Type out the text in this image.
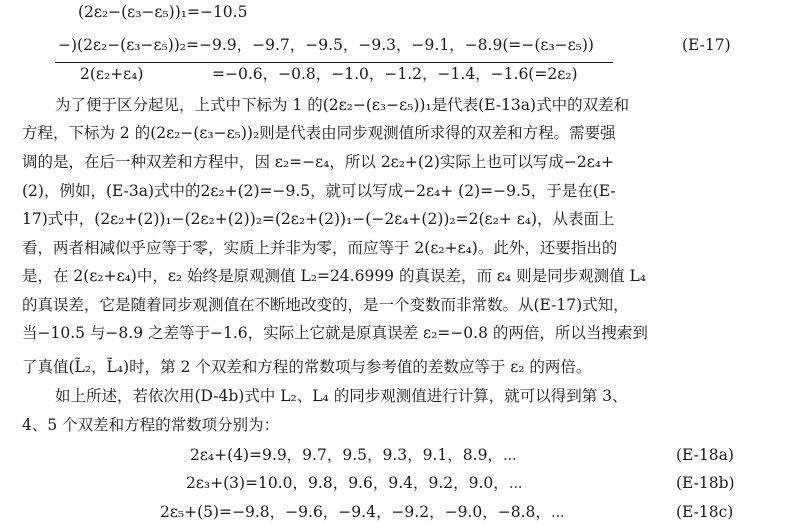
(2ε₂−(ε₃−ε₅))₁=−10.5
−)(2ε₂−(ε₃−ε₅))₂=−9.9，−9.7，−9.5，−9.3，−9.1，−8.9(=−(ε₃−ε₅))	(E-17)
2(ε₂+ε₄)	=−0.6，−0.8，−1.0，−1.2，−1.4，−1.6(=2ε₂)
为了便于区分起见，上式中下标为 1 的(2ε₂−(ε₃−ε₅))₁是代表(E-13a)式中的双差和
方程，下标为 2 的(2ε₂−(ε₃−ε₅))₂则是代表由同步观测值所求得的双差和方程。需要强
调的是，在后一种双差和方程中，因 ε₂=−ε₄，所以 2ε₂+(2)实际上也可以写成−2ε₄+
(2)，例如，(E-3a)式中的2ε₂+(2)=−9.5，就可以写成−2ε₄+ (2)=−9.5，于是在(E-
17)式中，(2ε₂+(2))₁−(2ε₂+(2))₂=(2ε₂+(2))₁−(−2ε₄+(2))₂=2(ε₂+ ε₄)，从表面上
看，两者相减似乎应等于零，实质上并非为零，而应等于 2(ε₂+ε₄)。此外，还要指出的
是，在 2(ε₂+ε₄)中，ε₂ 始终是原观测值 L₂=24.6999 的真误差，而 ε₄ 则是同步观测值 L₄
的真误差，它是随着同步观测值在不断地改变的，是一个变数而非常数。从(E-17)式知，
当−10.5 与−8.9 之差等于−1.6，实际上它就是原真误差 ε₂=−0.8 的两倍，所以当搜索到
了真值(L̃₂，L̃₄)时，第 2 个双差和方程的常数项与参考值的差数应等于 ε₂ 的两倍。
如上所述，若依次用(D-4b)式中 L₂、L₄ 的同步观测值进行计算，就可以得到第 3、
4、5 个双差和方程的常数项分别为：
2ε₄+(4)=9.9，9.7，9.5，9.3，9.1，8.9，⋯	(E-18a)
2ε₃+(3)=10.0，9.8，9.6，9.4，9.2，9.0，⋯	(E-18b)
2ε₅+(5)=−9.8，−9.6，−9.4，−9.2，−9.0，−8.8，⋯	(E-18c)
